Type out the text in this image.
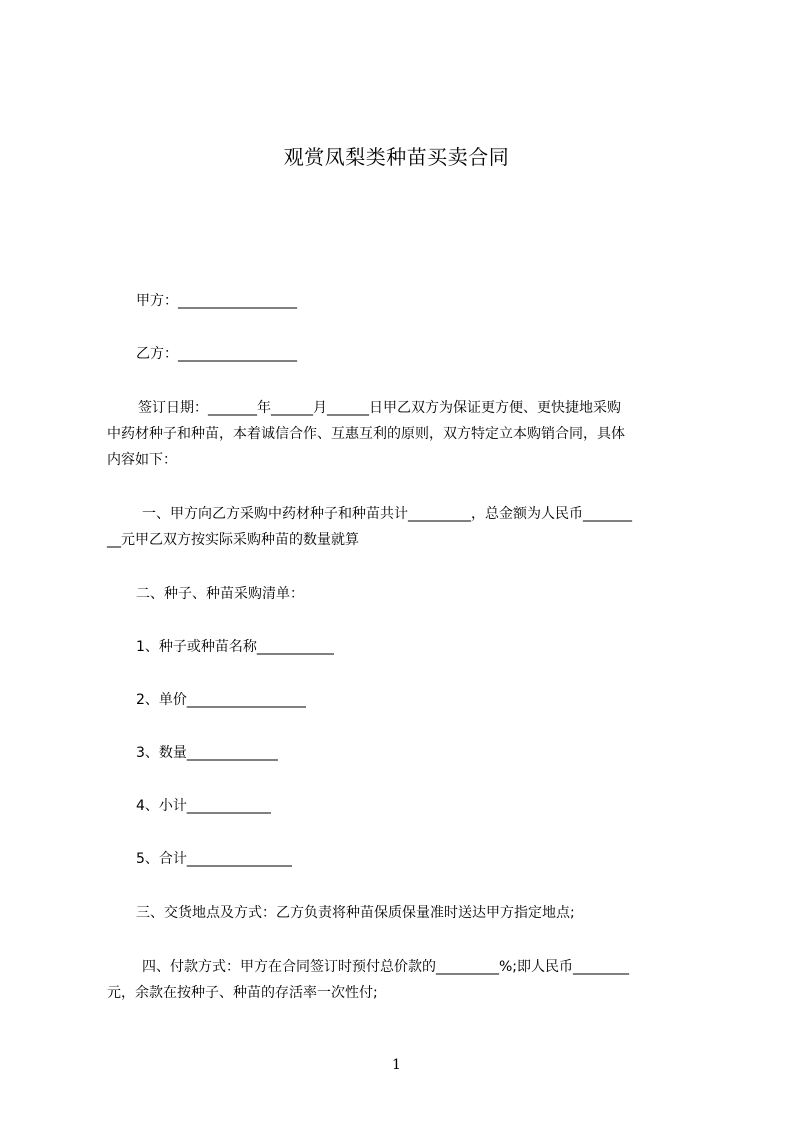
观赏凤梨类种苗买卖合同
甲方：_________________
乙方：_________________
签订日期：_______年______月______日甲乙双方为保证更方便、更快捷地采购
中药材种子和种苗，本着诚信合作、互惠互利的原则，双方特定立本购销合同，具体
内容如下：
一、甲方向乙方采购中药材种子和种苗共计_________，总金额为人民币_______
__元甲乙双方按实际采购种苗的数量就算
二、种子、种苗采购清单：
1、种子或种苗名称___________
2、单价_________________
3、数量_____________
4、小计____________
5、合计_______________
三、交货地点及方式：乙方负责将种苗保质保量准时送达甲方指定地点;
四、付款方式：甲方在合同签订时预付总价款的_________%;即人民币________
元，余款在按种子、种苗的存活率一次性付;
1
